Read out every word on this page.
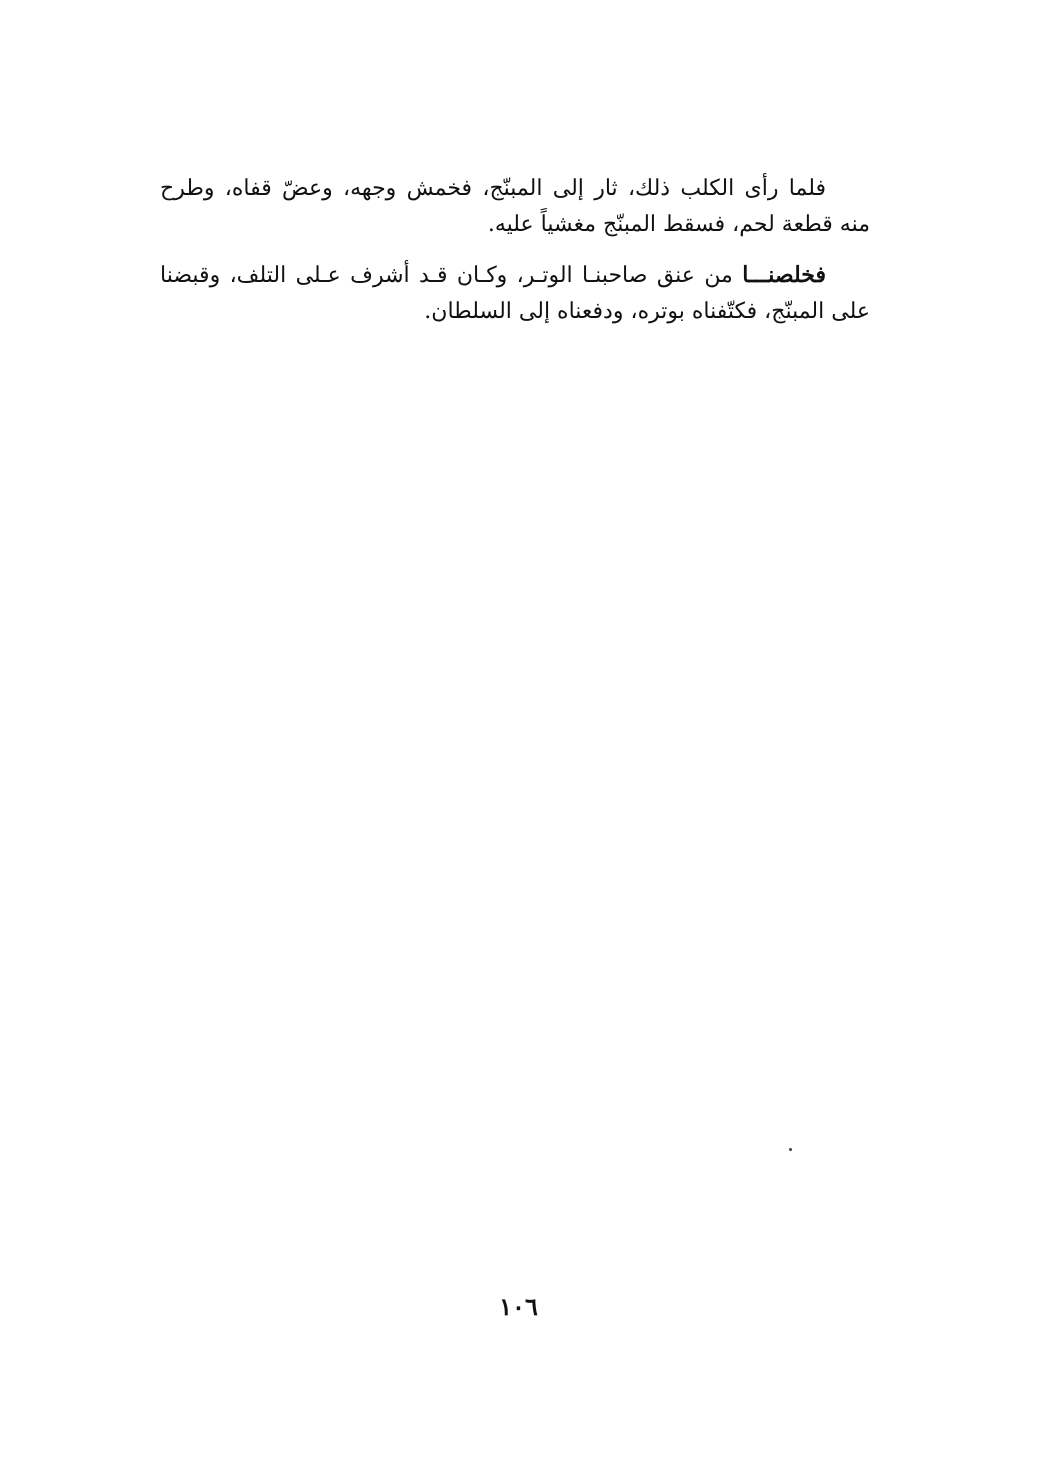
فلما رأى الكلب ذلك، ثار إلى المبنّج، فخمش وجهه، وعضّ قفاه، وطرح منه قطعة لحم، فسقط المبنّج مغشياً عليه.

فخلصنـــا من عنق صاحبنـا الوتـر، وكـان قـد أشرف عـلى التلف، وقبضنا على المبنّج، فكتّفناه بوتره، ودفعناه إلى السلطان.

١٠٦
